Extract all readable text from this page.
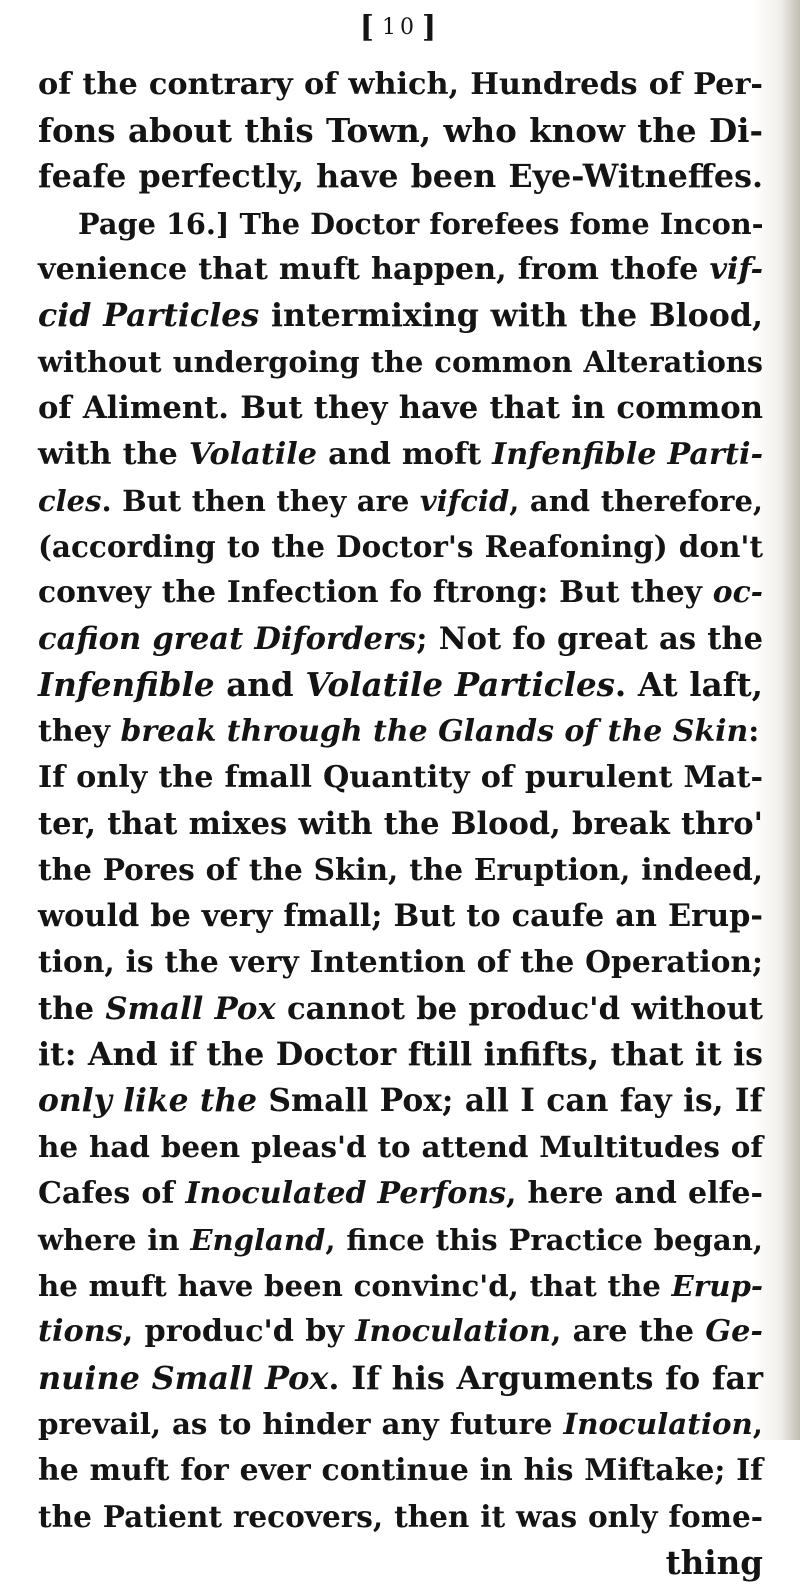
[ 10 ]
of the contrary of which, Hundreds of Per-
fons about this Town, who know the Di-
feafe perfectly, have been Eye-Witneffes.
Page 16.] The Doctor forefees fome Incon-
venience that muft happen, from thofe vif-
cid Particles intermixing with the Blood,
without undergoing the common Alterations
of Aliment. But they have that in common
with the Volatile and moft Infenfible Parti-
cles. But then they are vifcid, and therefore,
(according to the Doctor's Reafoning) don't
convey the Infection fo ftrong: But they oc-
cafion great Diforders; Not fo great as the
Infenfible and Volatile Particles. At laft,
they break through the Glands of the Skin:
If only the fmall Quantity of purulent Mat-
ter, that mixes with the Blood, break thro'
the Pores of the Skin, the Eruption, indeed,
would be very fmall; But to caufe an Erup-
tion, is the very Intention of the Operation;
the Small Pox cannot be produc'd without
it: And if the Doctor ftill infifts, that it is
only like the Small Pox; all I can fay is, If
he had been pleas'd to attend Multitudes of
Cafes of Inoculated Perfons, here and elfe-
where in England, fince this Practice began,
he muft have been convinc'd, that the Erup-
tions, produc'd by Inoculation, are the Ge-
nuine Small Pox. If his Arguments fo far
prevail, as to hinder any future Inoculation,
he muft for ever continue in his Miftake; If
the Patient recovers, then it was only fome-
thing
